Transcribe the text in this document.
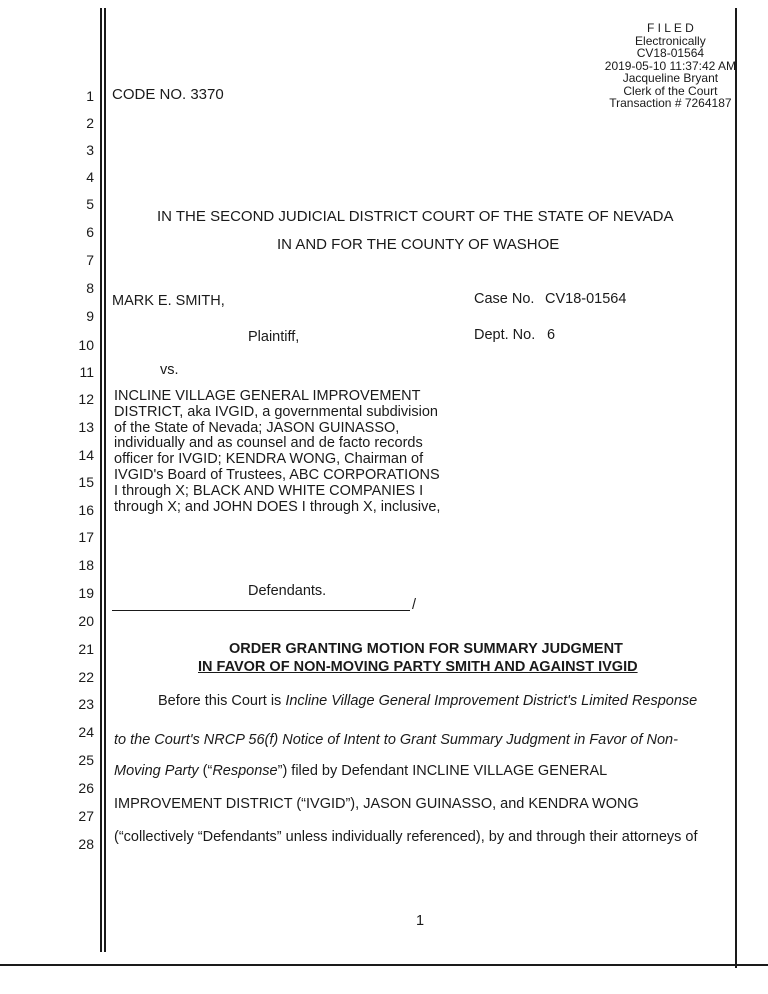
F I L E D
Electronically
CV18-01564
2019-05-10 11:37:42 AM
Jacqueline Bryant
Clerk of the Court
Transaction # 7264187
1
2
3
4
5
6
7
8
9
10
11
12
13
14
15
16
17
18
19
20
21
22
23
24
25
26
27
28
CODE NO. 3370
IN THE SECOND JUDICIAL DISTRICT COURT OF THE STATE OF NEVADA
IN AND FOR THE COUNTY OF WASHOE
MARK E. SMITH,
Plaintiff,
vs.
INCLINE VILLAGE GENERAL IMPROVEMENT DISTRICT, aka IVGID, a governmental subdivision of the State of Nevada; JASON GUINASSO, individually and as counsel and de facto records officer for IVGID; KENDRA WONG, Chairman of IVGID's Board of Trustees, ABC CORPORATIONS I through X; BLACK AND WHITE COMPANIES I through X; and JOHN DOES I through X, inclusive,
Defendants.
/
Case No. CV18-01564
Dept. No. 6
ORDER GRANTING MOTION FOR SUMMARY JUDGMENT
IN FAVOR OF NON-MOVING PARTY SMITH AND AGAINST IVGID
Before this Court is Incline Village General Improvement District's Limited Response
to the Court's NRCP 56(f) Notice of Intent to Grant Summary Judgment in Favor of Non-
Moving Party (“Response”) filed by Defendant INCLINE VILLAGE GENERAL
IMPROVEMENT DISTRICT (“IVGID”), JASON GUINASSO, and KENDRA WONG
(“collectively “Defendants” unless individually referenced), by and through their attorneys of
1
